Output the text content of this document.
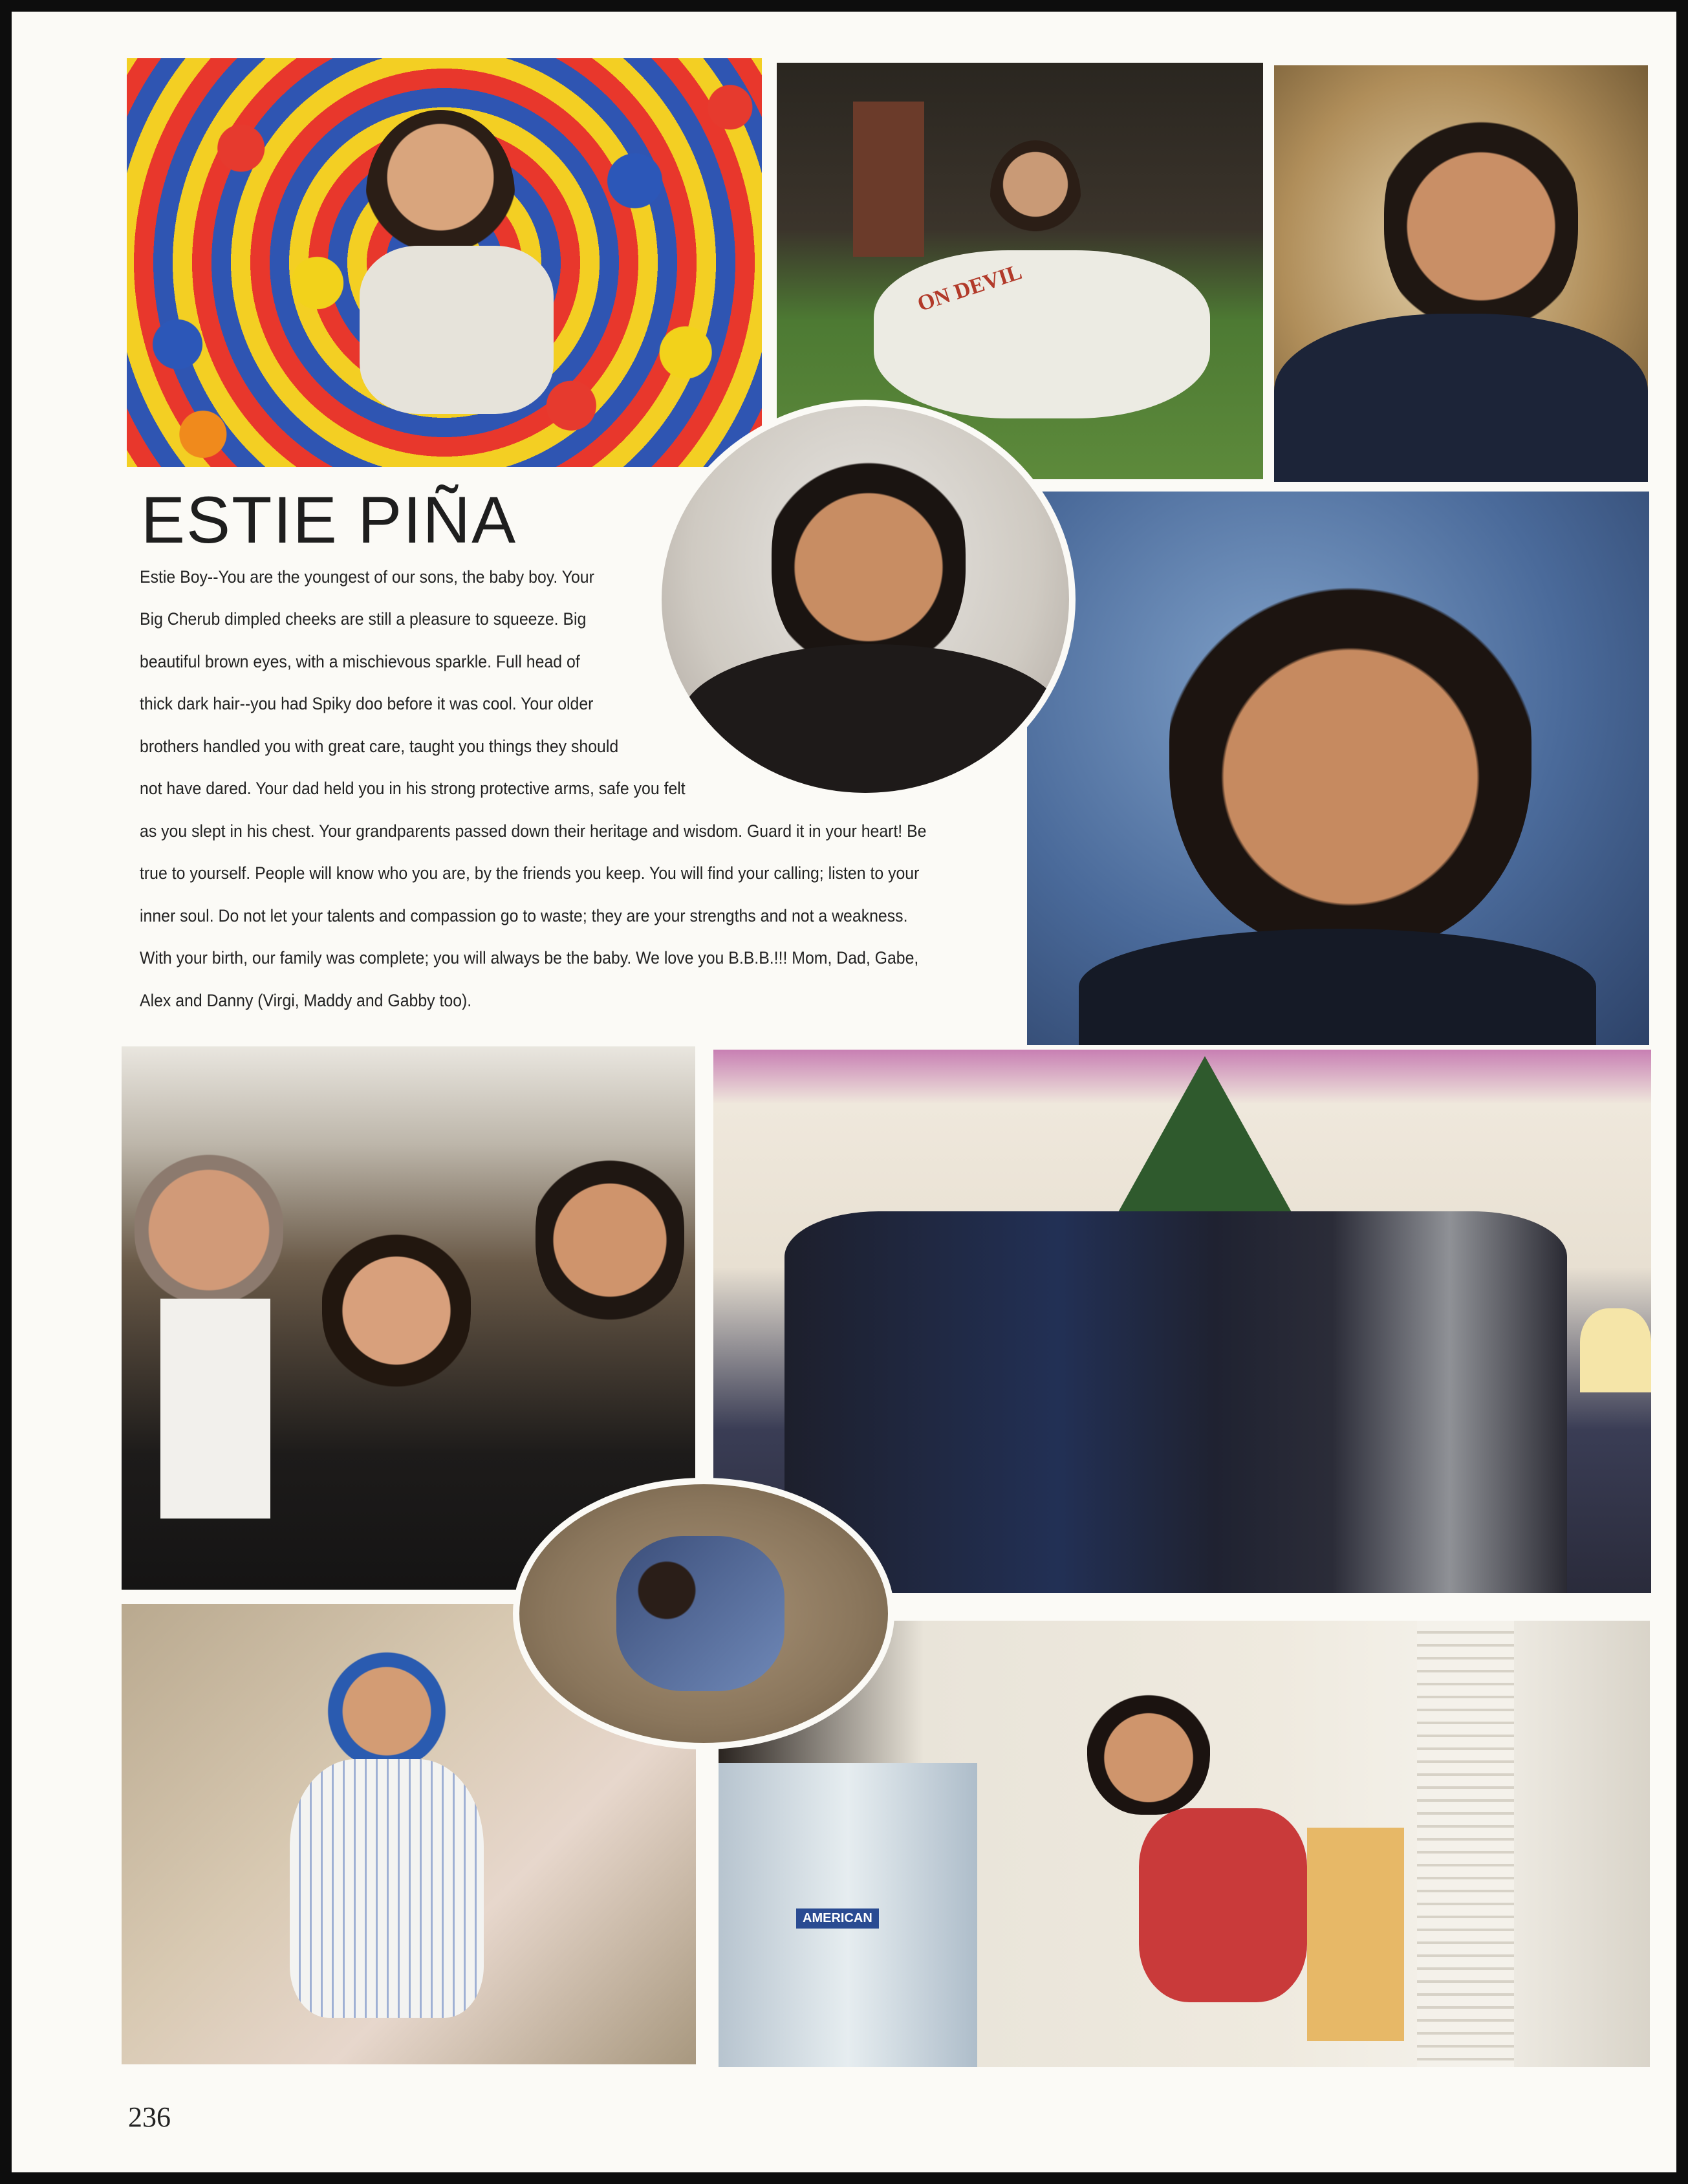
ON DEVIL
ESTIE PIÑA

Estie Boy--You are the youngest of our sons, the baby boy. Your

Big Cherub dimpled cheeks are still a pleasure to squeeze. Big

beautiful brown eyes, with a mischievous sparkle. Full head of

thick dark hair--you had Spiky doo before it was cool. Your older

brothers handled you with great care, taught you things they should

not have dared. Your dad held you in his strong protective arms, safe you felt

as you slept in his chest. Your grandparents passed down their heritage and wisdom. Guard it in your heart! Be

true to yourself. People will know who you are, by the friends you keep. You will find your calling; listen to your

inner soul. Do not let your talents and compassion go to waste; they are your strengths and not a weakness.

With your birth, our family was complete; you will always be the baby. We love you B.B.B.!!! Mom, Dad, Gabe,

Alex and Danny (Virgi, Maddy and Gabby too).

AMERICAN
236
